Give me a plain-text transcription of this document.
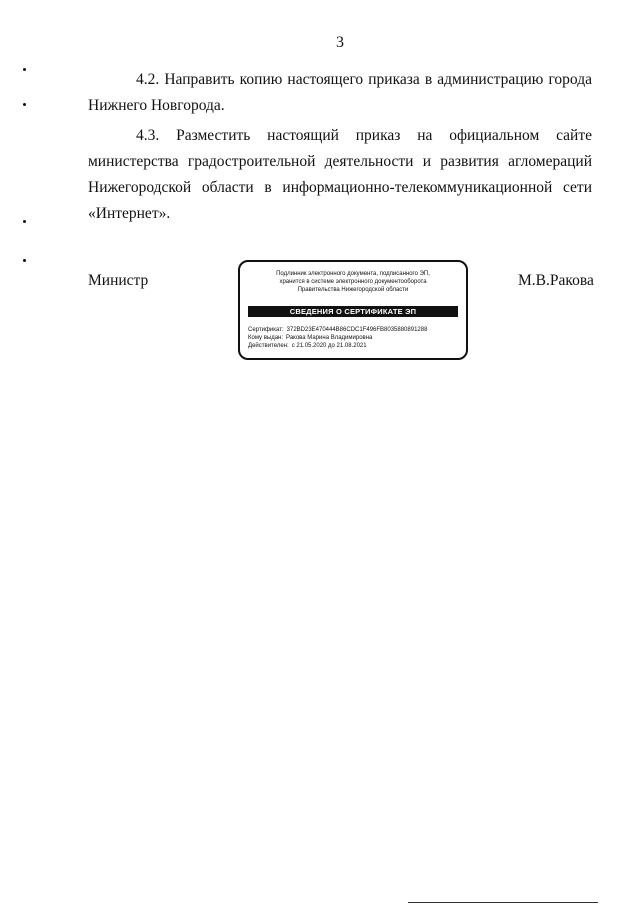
3

4.2. Направить копию настоящего приказа в администрацию города Нижнего Новгорода.

4.3. Разместить настоящий приказ на официальном сайте министерства градостроительной деятельности и развития агломераций Нижегородской области в информационно-телекоммуникационной сети «Интернет».

Министр	М.В.Ракова
Подлинник электронного документа, подписанного ЭП,
хранится в системе электронного документооборота
Правительства Нижегородской области
СВЕДЕНИЯ О СЕРТИФИКАТЕ ЭП
Сертификат: 372BD23E470444B86CDC1F496FB8035880891288
Кому выдан: Ракова Марина Владимировна
Действителен: с 21.05.2020 до 21.08.2021
